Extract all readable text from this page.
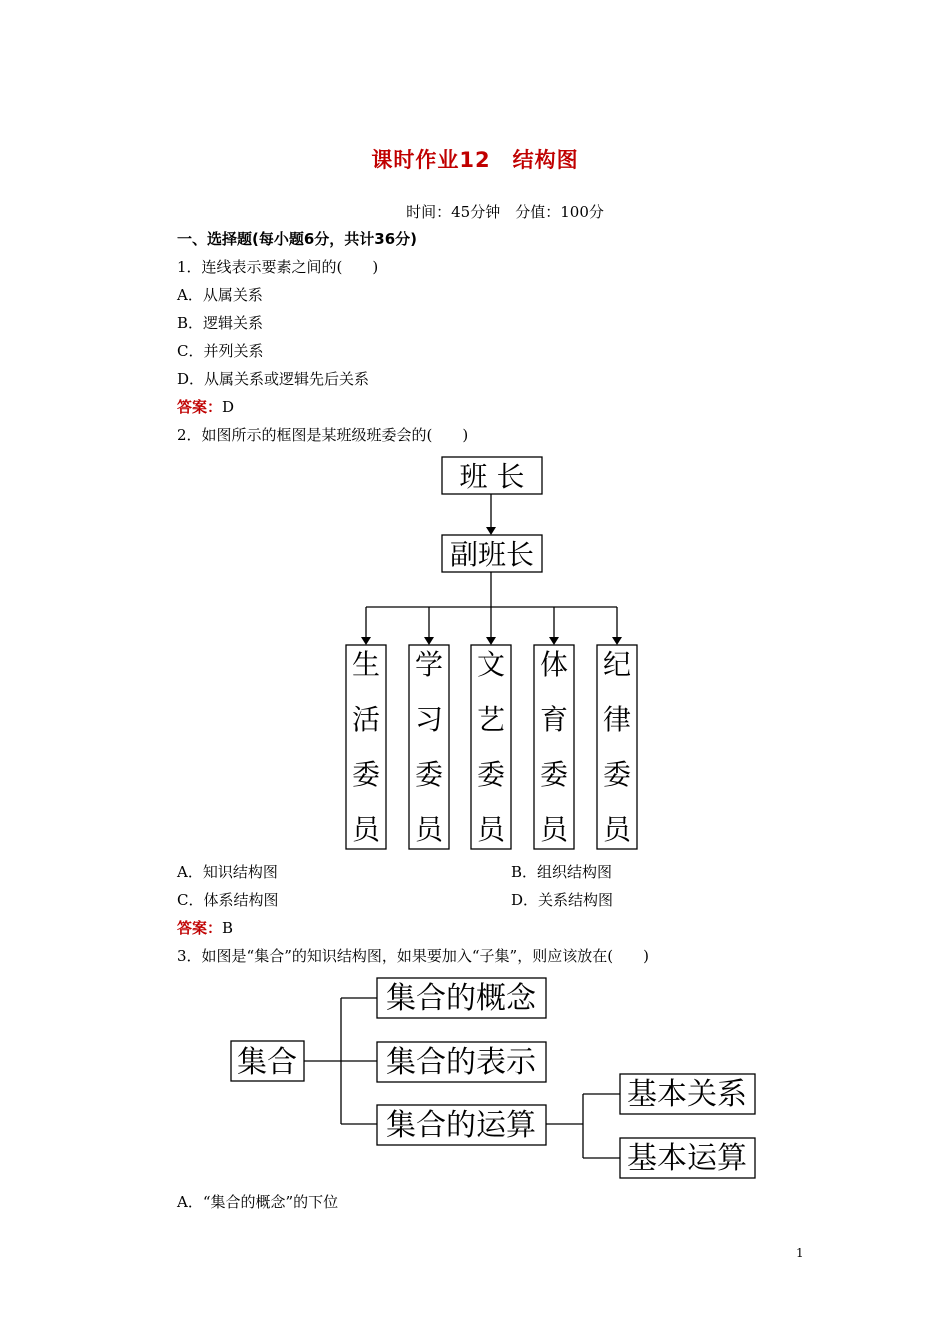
课时作业12　结构图
时间：45分钟　分值：100分
一、选择题(每小题6分，共计36分)
1．连线表示要素之间的(　　)
A．从属关系
B．逻辑关系
C．并列关系
D．从属关系或逻辑先后关系
答案：D
2．如图所示的框图是某班级班委会的(　　)
班 长
副班长
生
活
委
员
学
习
委
员
文
艺
委
员
体
育
委
员
纪
律
委
员
A．知识结构图	B．组织结构图
C．体系结构图	D．关系结构图
答案：B
3．如图是“集合”的知识结构图，如果要加入“子集”，则应该放在(　　)
集合
集合的概念
集合的表示
集合的运算
基本关系
基本运算
A．“集合的概念”的下位
1
